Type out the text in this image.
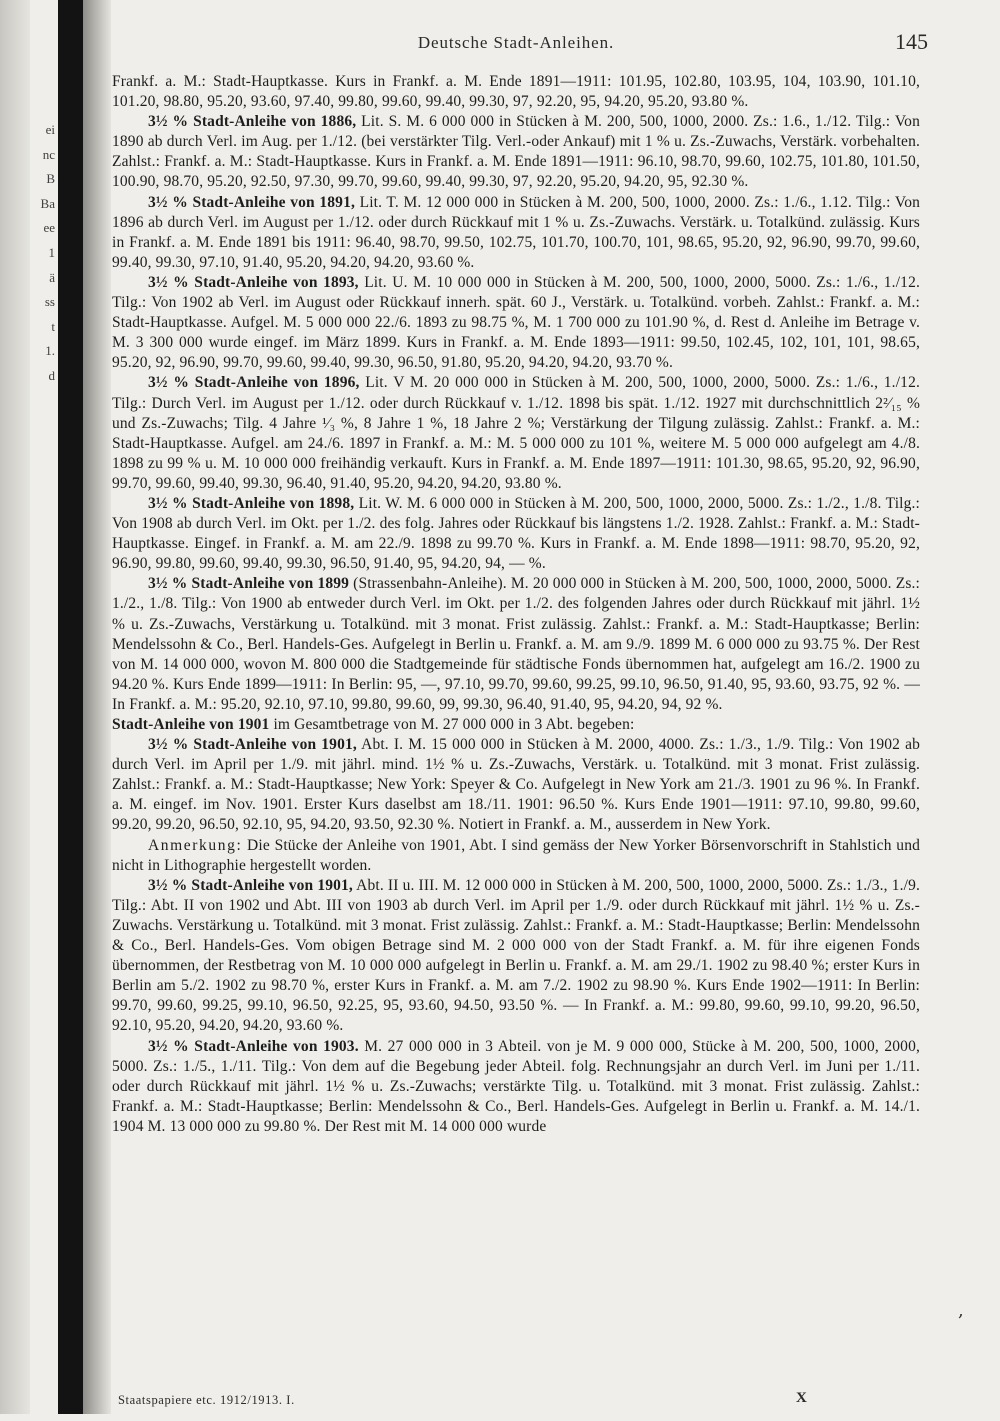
ei
nc
B
Ba
ee
1
ä
ss
t
1.
d

Deutsche Stadt-Anleihen.	145

Frankf. a. M.: Stadt-Hauptkasse. Kurs in Frankf. a. M. Ende 1891—1911: 101.95, 102.80, 103.95, 104, 103.90, 101.10, 101.20, 98.80, 95.20, 93.60, 97.40, 99.80, 99.60, 99.40, 99.30, 97, 92.20, 95, 94.20, 95.20, 93.80 %.

3½ % Stadt-Anleihe von 1886, Lit. S. M. 6 000 000 in Stücken à M. 200, 500, 1000, 2000. Zs.: 1.6., 1./12. Tilg.: Von 1890 ab durch Verl. im Aug. per 1./12. (bei verstärkter Tilg. Verl.-oder Ankauf) mit 1 % u. Zs.-Zuwachs, Verstärk. vorbehalten. Zahlst.: Frankf. a. M.: Stadt-Hauptkasse. Kurs in Frankf. a. M. Ende 1891—1911: 96.10, 98.70, 99.60, 102.75, 101.80, 101.50, 100.90, 98.70, 95.20, 92.50, 97.30, 99.70, 99.60, 99.40, 99.30, 97, 92.20, 95.20, 94.20, 95, 92.30 %.

3½ % Stadt-Anleihe von 1891, Lit. T. M. 12 000 000 in Stücken à M. 200, 500, 1000, 2000. Zs.: 1./6., 1.12. Tilg.: Von 1896 ab durch Verl. im August per 1./12. oder durch Rückkauf mit 1 % u. Zs.-Zuwachs. Verstärk. u. Totalkünd. zulässig. Kurs in Frankf. a. M. Ende 1891 bis 1911: 96.40, 98.70, 99.50, 102.75, 101.70, 100.70, 101, 98.65, 95.20, 92, 96.90, 99.70, 99.60, 99.40, 99.30, 97.10, 91.40, 95.20, 94.20, 94.20, 93.60 %.

3½ % Stadt-Anleihe von 1893, Lit. U. M. 10 000 000 in Stücken à M. 200, 500, 1000, 2000, 5000. Zs.: 1./6., 1./12. Tilg.: Von 1902 ab Verl. im August oder Rückkauf innerh. spät. 60 J., Verstärk. u. Totalkünd. vorbeh. Zahlst.: Frankf. a. M.: Stadt-Hauptkasse. Aufgel. M. 5 000 000 22./6. 1893 zu 98.75 %, M. 1 700 000 zu 101.90 %, d. Rest d. Anleihe im Betrage v. M. 3 300 000 wurde eingef. im März 1899. Kurs in Frankf. a. M. Ende 1893—1911: 99.50, 102.45, 102, 101, 101, 98.65, 95.20, 92, 96.90, 99.70, 99.60, 99.40, 99.30, 96.50, 91.80, 95.20, 94.20, 94.20, 93.70 %.

3½ % Stadt-Anleihe von 1896, Lit. V M. 20 000 000 in Stücken à M. 200, 500, 1000, 2000, 5000. Zs.: 1./6., 1./12. Tilg.: Durch Verl. im August per 1./12. oder durch Rückkauf v. 1./12. 1898 bis spät. 1./12. 1927 mit durchschnittlich 2²⁄₁₅ % und Zs.-Zuwachs; Tilg. 4 Jahre ¹⁄₃ %, 8 Jahre 1 %, 18 Jahre 2 %; Verstärkung der Tilgung zulässig. Zahlst.: Frankf. a. M.: Stadt-Hauptkasse. Aufgel. am 24./6. 1897 in Frankf. a. M.: M. 5 000 000 zu 101 %, weitere M. 5 000 000 aufgelegt am 4./8. 1898 zu 99 % u. M. 10 000 000 freihändig verkauft. Kurs in Frankf. a. M. Ende 1897—1911: 101.30, 98.65, 95.20, 92, 96.90, 99.70, 99.60, 99.40, 99.30, 96.40, 91.40, 95.20, 94.20, 94.20, 93.80 %.

3½ % Stadt-Anleihe von 1898, Lit. W. M. 6 000 000 in Stücken à M. 200, 500, 1000, 2000, 5000. Zs.: 1./2., 1./8. Tilg.: Von 1908 ab durch Verl. im Okt. per 1./2. des folg. Jahres oder Rückkauf bis längstens 1./2. 1928. Zahlst.: Frankf. a. M.: Stadt-Hauptkasse. Eingef. in Frankf. a. M. am 22./9. 1898 zu 99.70 %. Kurs in Frankf. a. M. Ende 1898—1911: 98.70, 95.20, 92, 96.90, 99.80, 99.60, 99.40, 99.30, 96.50, 91.40, 95, 94.20, 94, — %.

3½ % Stadt-Anleihe von 1899 (Strassenbahn-Anleihe). M. 20 000 000 in Stücken à M. 200, 500, 1000, 2000, 5000. Zs.: 1./2., 1./8. Tilg.: Von 1900 ab entweder durch Verl. im Okt. per 1./2. des folgenden Jahres oder durch Rückkauf mit jährl. 1½ % u. Zs.-Zuwachs, Verstärkung u. Totalkünd. mit 3 monat. Frist zulässig. Zahlst.: Frankf. a. M.: Stadt-Hauptkasse; Berlin: Mendelssohn & Co., Berl. Handels-Ges. Aufgelegt in Berlin u. Frankf. a. M. am 9./9. 1899 M. 6 000 000 zu 93.75 %. Der Rest von M. 14 000 000, wovon M. 800 000 die Stadtgemeinde für städtische Fonds übernommen hat, aufgelegt am 16./2. 1900 zu 94.20 %. Kurs Ende 1899—1911: In Berlin: 95, —, 97.10, 99.70, 99.60, 99.25, 99.10, 96.50, 91.40, 95, 93.60, 93.75, 92 %. — In Frankf. a. M.: 95.20, 92.10, 97.10, 99.80, 99.60, 99, 99.30, 96.40, 91.40, 95, 94.20, 94, 92 %.

Stadt-Anleihe von 1901 im Gesamtbetrage von M. 27 000 000 in 3 Abt. begeben:

3½ % Stadt-Anleihe von 1901, Abt. I. M. 15 000 000 in Stücken à M. 2000, 4000. Zs.: 1./3., 1./9. Tilg.: Von 1902 ab durch Verl. im April per 1./9. mit jährl. mind. 1½ % u. Zs.-Zuwachs, Verstärk. u. Totalkünd. mit 3 monat. Frist zulässig. Zahlst.: Frankf. a. M.: Stadt-Hauptkasse; New York: Speyer & Co. Aufgelegt in New York am 21./3. 1901 zu 96 %. In Frankf. a. M. eingef. im Nov. 1901. Erster Kurs daselbst am 18./11. 1901: 96.50 %. Kurs Ende 1901—1911: 97.10, 99.80, 99.60, 99.20, 99.20, 96.50, 92.10, 95, 94.20, 93.50, 92.30 %. Notiert in Frankf. a. M., ausserdem in New York.

Anmerkung: Die Stücke der Anleihe von 1901, Abt. I sind gemäss der New Yorker Börsenvorschrift in Stahlstich und nicht in Lithographie hergestellt worden.

3½ % Stadt-Anleihe von 1901, Abt. II u. III. M. 12 000 000 in Stücken à M. 200, 500, 1000, 2000, 5000. Zs.: 1./3., 1./9. Tilg.: Abt. II von 1902 und Abt. III von 1903 ab durch Verl. im April per 1./9. oder durch Rückkauf mit jährl. 1½ % u. Zs.-Zuwachs. Verstärkung u. Totalkünd. mit 3 monat. Frist zulässig. Zahlst.: Frankf. a. M.: Stadt-Hauptkasse; Berlin: Mendelssohn & Co., Berl. Handels-Ges. Vom obigen Betrage sind M. 2 000 000 von der Stadt Frankf. a. M. für ihre eigenen Fonds übernommen, der Restbetrag von M. 10 000 000 aufgelegt in Berlin u. Frankf. a. M. am 29./1. 1902 zu 98.40 %; erster Kurs in Berlin am 5./2. 1902 zu 98.70 %, erster Kurs in Frankf. a. M. am 7./2. 1902 zu 98.90 %. Kurs Ende 1902—1911: In Berlin: 99.70, 99.60, 99.25, 99.10, 96.50, 92.25, 95, 93.60, 94.50, 93.50 %. — In Frankf. a. M.: 99.80, 99.60, 99.10, 99.20, 96.50, 92.10, 95.20, 94.20, 94.20, 93.60 %.

3½ % Stadt-Anleihe von 1903. M. 27 000 000 in 3 Abteil. von je M. 9 000 000, Stücke à M. 200, 500, 1000, 2000, 5000. Zs.: 1./5., 1./11. Tilg.: Von dem auf die Begebung jeder Abteil. folg. Rechnungsjahr an durch Verl. im Juni per 1./11. oder durch Rückkauf mit jährl. 1½ % u. Zs.-Zuwachs; verstärkte Tilg. u. Totalkünd. mit 3 monat. Frist zulässig. Zahlst.: Frankf. a. M.: Stadt-Hauptkasse; Berlin: Mendelssohn & Co., Berl. Handels-Ges. Aufgelegt in Berlin u. Frankf. a. M. 14./1. 1904 M. 13 000 000 zu 99.80 %. Der Rest mit M. 14 000 000 wurde

,
Staatspapiere etc. 1912/1913. I.	X
